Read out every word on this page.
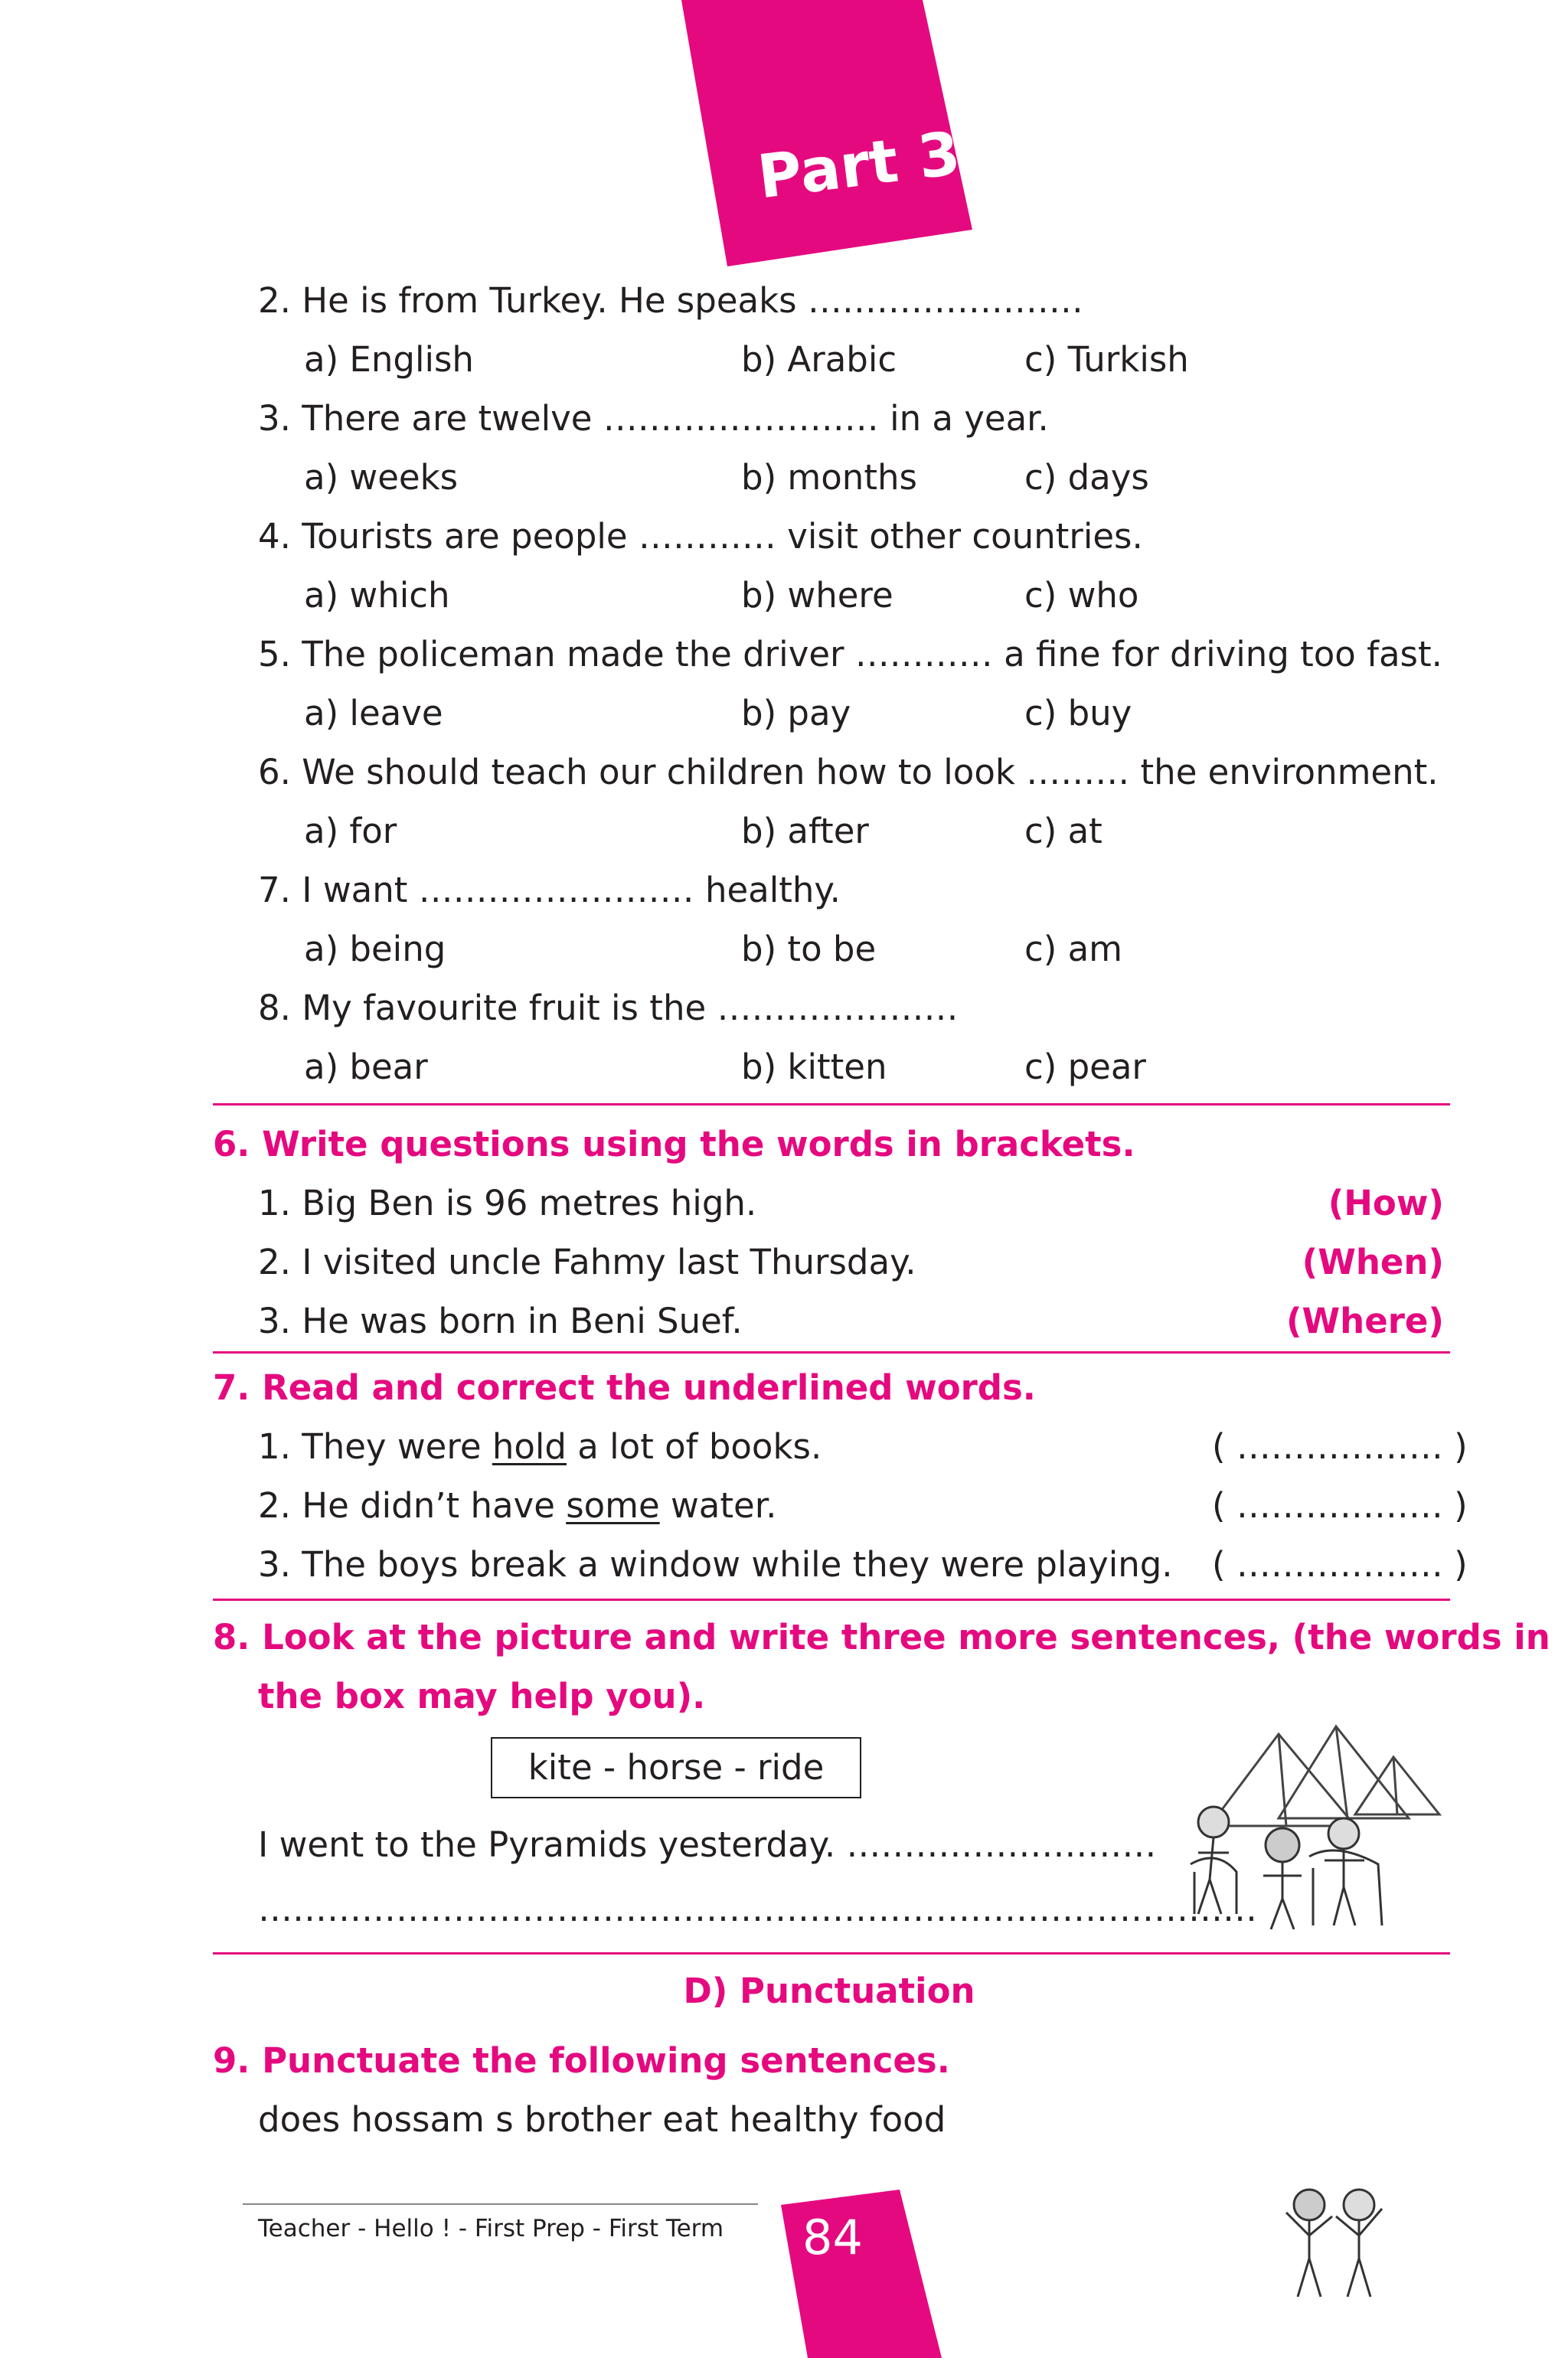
Part 3
2. He is from Turkey. He speaks ……………………
a) English	b) Arabic	c) Turkish
3. There are twelve …………………… in a year.
a) weeks	b) months	c) days
4. Tourists are people ………… visit other countries.
a) which	b) where	c) who
5. The policeman made the driver ………… a fine for driving too fast.
a) leave	b) pay	c) buy
6. We should teach our children how to look ……… the environment.
a) for	b) after	c) at
7. I want …………………… healthy.
a) being	b) to be	c) am
8. My favourite fruit is the …………………
a) bear	b) kitten	c) pear
6. Write questions using the words in brackets.
1. Big Ben is 96 metres high.	(How)
2. I visited uncle Fahmy last Thursday.	(When)
3. He was born in Beni Suef.	(Where)
7. Read and correct the underlined words.
1. They were hold a lot of books.	( ……………… )
2. He didn’t have some water.	( ……………… )
3. The boys break a window while they were playing. ( ……………… )
8. Look at the picture and write three more sentences, (the words in
the box may help you).
kite - horse - ride
I went to the Pyramids yesterday. ………………………
……………………………………………………………………………
D) Punctuation
9. Punctuate the following sentences.
does hossam s brother eat healthy food
Teacher - Hello ! - First Prep - First Term 84
